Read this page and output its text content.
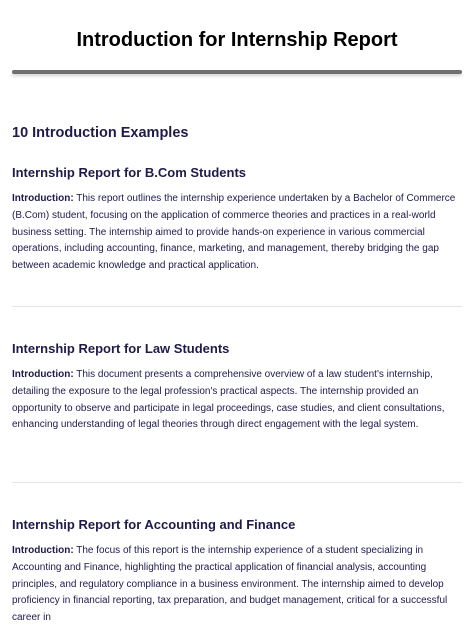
Introduction for Internship Report
10 Introduction Examples
Internship Report for B.Com Students

Introduction: This report outlines the internship experience undertaken by a Bachelor of Commerce (B.Com) student, focusing on the application of commerce theories and practices in a real-world business setting. The internship aimed to provide hands-on experience in various commercial operations, including accounting, finance, marketing, and management, thereby bridging the gap between academic knowledge and practical application.

Internship Report for Law Students

Introduction: This document presents a comprehensive overview of a law student's internship, detailing the exposure to the legal profession's practical aspects. The internship provided an opportunity to observe and participate in legal proceedings, case studies, and client consultations, enhancing understanding of legal theories through direct engagement with the legal system.

Internship Report for Accounting and Finance

Introduction: The focus of this report is the internship experience of a student specializing in Accounting and Finance, highlighting the practical application of financial analysis, accounting principles, and regulatory compliance in a business environment. The internship aimed to develop proficiency in financial reporting, tax preparation, and budget management, critical for a successful career in
